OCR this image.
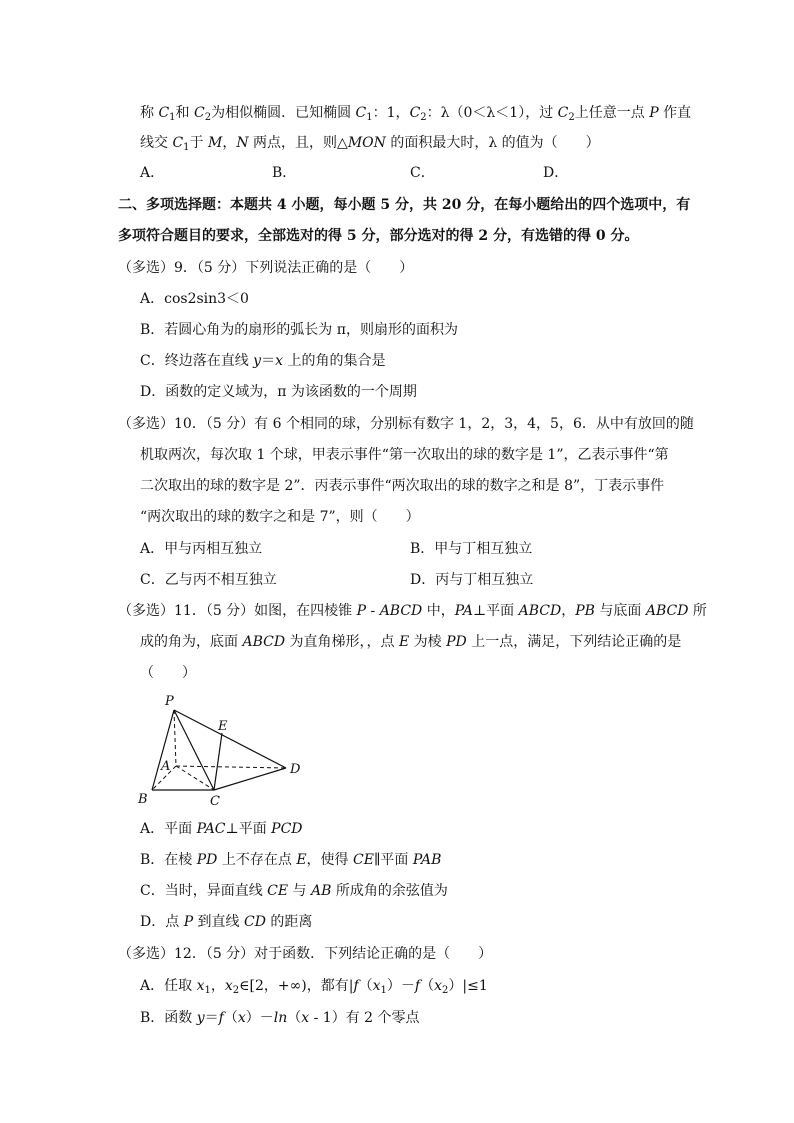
称 $C_1$和 $C_2$为相似椭圆．已知椭圆 $C_1$：1，$C_2$：λ（0＜λ＜1），过 $C_2$上任意一点 P 作直
线交 $C_1$于 M，N 两点，且，则△MON 的面积最大时，λ 的值为（　　）
A．	B．	C．	D．
二、多项选择题：本题共 4 小题，每小题 5 分，共 20 分，在每小题给出的四个选项中，有
多项符合题目的要求，全部选对的得 5 分，部分选对的得 2 分，有选错的得 0 分。
（多选）9．（5 分）下列说法正确的是（　　）
A．cos2sin3＜0
B．若圆心角为的扇形的弧长为 π，则扇形的面积为
C．终边落在直线 y＝x 上的角的集合是
D．函数的定义域为，π 为该函数的一个周期
（多选）10．（5 分）有 6 个相同的球，分别标有数字 1，2，3，4，5，6．从中有放回的随
机取两次，每次取 1 个球，甲表示事件“第一次取出的球的数字是 1”，乙表示事件“第
二次取出的球的数字是 2”．丙表示事件“两次取出的球的数字之和是 8”，丁表示事件
“两次取出的球的数字之和是 7”，则（　　）
A．甲与丙相互独立	B．甲与丁相互独立
C．乙与丙不相互独立	D．丙与丁相互独立
（多选）11．（5 分）如图，在四棱锥 P - ABCD 中，PA⊥平面 ABCD，PB 与底面 ABCD 所
成的角为，底面 ABCD 为直角梯形，，点 E 为棱 PD 上一点，满足，下列结论正确的是
（　　）
P
E
A	D
B	C
A．平面 PAC⊥平面 PCD
B．在棱 PD 上不存在点 E，使得 CE∥平面 PAB
C．当时，异面直线 CE 与 AB 所成角的余弦值为
D．点 P 到直线 CD 的距离
（多选）12．（5 分）对于函数．下列结论正确的是（　　）
A．任取 $x_1$，$x_2\in[2$，+∞)，都有$|f(x_1)-f(x_2)|\le 1$
B．函数 y＝f（x）－ln（x - 1）有 2 个零点
